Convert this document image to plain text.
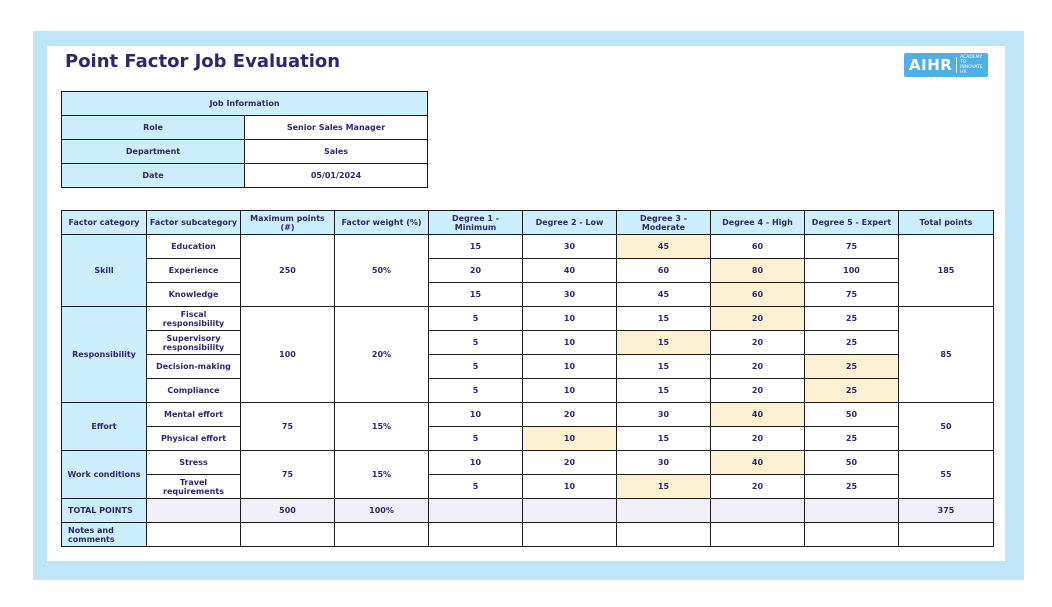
Point Factor Job Evaluation	AIHR ACADEMY TO INNOVATE HR
Job Information	
Role	Senior Sales Manager
Department	Sales
Date	05/01/2024
Factor category	Factor subcategory	Maximum points (#)	Factor weight (%)	Degree 1 - Minimum	Degree 2 - Low	Degree 3 - Moderate	Degree 4 - High	Degree 5 - Expert	Total points
Skill	Education	250	50%	15	30	45	60	75	185
	Experience			20	40	60	80	100	
	Knowledge			15	30	45	60	75	
Responsibility	Fiscal responsibility	100	20%	5	10	15	20	25	85
	Supervisory responsibility			5	10	15	20	25	
	Decision-making			5	10	15	20	25	
	Compliance			5	10	15	20	25	
Effort	Mental effort	75	15%	10	20	30	40	50	50
	Physical effort			5	10	15	20	25	
Work conditions	Stress	75	15%	10	20	30	40	50	55
	Travel requirements			5	10	15	20	25	
TOTAL POINTS		500	100%						375
Notes and comments									
